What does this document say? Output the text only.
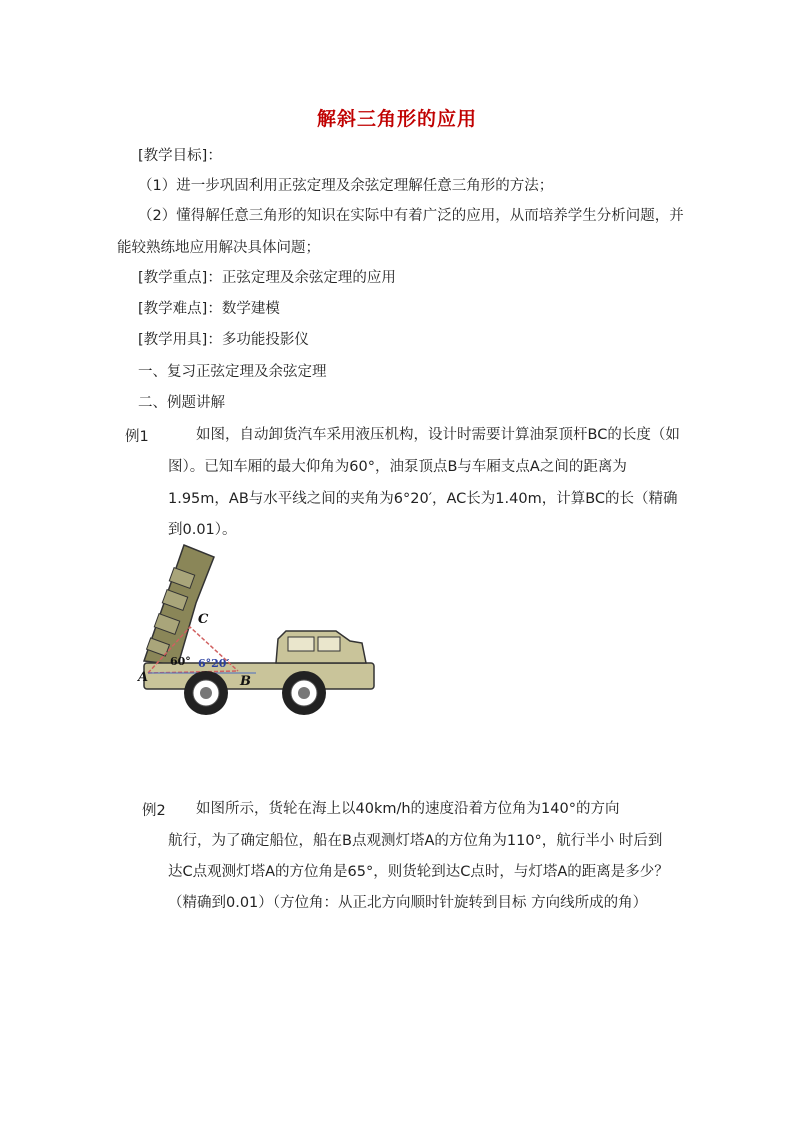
解斜三角形的应用
[教学目标]：
（1）进一步巩固利用正弦定理及余弦定理解任意三角形的方法；
（2）懂得解任意三角形的知识在实际中有着广泛的应用，从而培养学生分析问题，并
能较熟练地应用解决具体问题；
[教学重点]：正弦定理及余弦定理的应用
[教学难点]：数学建模
[教学用具]：多功能投影仪
一、复习正弦定理及余弦定理
二、例题讲解
例1	如图，自动卸货汽车采用液压机构，设计时需要计算油泵顶杆BC的长度（如
图）。已知车厢的最大仰角为60°，油泵顶点B与车厢支点A之间的距离为
1.95m，AB与水平线之间的夹角为6°20′，AC长为1.40m，计算BC的长（精确
到0.01）。
C
A	B
60° 6°20′
例2 如图所示，货轮在海上以40km/h的速度沿着方位角为140°的方向
航行，为了确定船位，船在B点观测灯塔A的方位角为110°，航行半小 时后到
达C点观测灯塔A的方位角是65°，则货轮到达C点时，与灯塔A的距离是多少？
（精确到0.01）（方位角：从正北方向顺时针旋转到目标 方向线所成的角）
